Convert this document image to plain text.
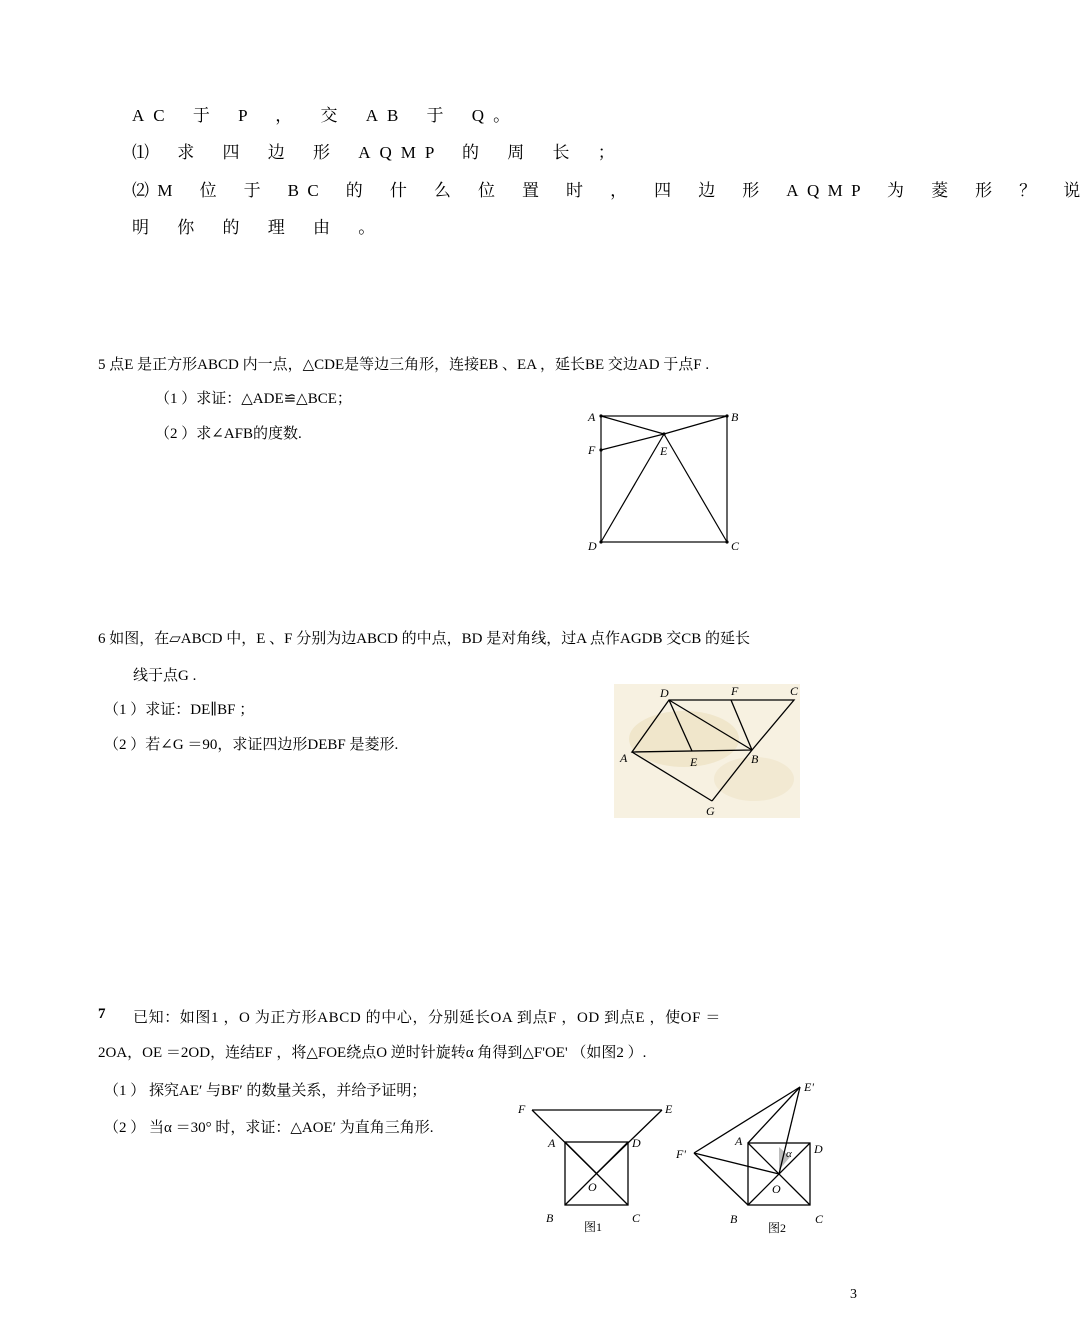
AC 于 P ， 交 AB 于 Q。
⑴ 求 四 边 形 AQMP 的 周 长 ；
⑵M 位 于 BC 的 什 么 位 置 时 ， 四 边 形 AQMP 为 菱 形 ？ 说
明 你 的 理 由 。
5 点E 是正方形ABCD 内一点，△CDE是等边三角形，连接EB 、EA ，延长BE 交边AD 于点F .
（1 ）求证：△ADE≌△BCE；
（2 ）求∠AFB的度数.
A	B
D	C
E
F
6 如图，在▱ABCD 中，E 、F 分别为边ABCD 的中点，BD 是对角线，过A 点作AGDB 交CB 的延长
线于点G .
（1 ）求证：DE∥BF ；
（2 ）若∠G ＝90，求证四边形DEBF 是菱形.
D	F	C
A	E	B
G
7 已知：如图1 ，O 为正方形ABCD 的中心，分别延长OA 到点F ，OD 到点E ，使OF ＝
2OA，OE ＝2OD，连结EF ，将△FOE绕点O 逆时针旋转α 角得到△F'OE' （如图2 ）.
（1 ） 探究AE′ 与BF′ 的数量关系，并给予证明；
（2 ） 当α ＝30° 时，求证：△AOE′ 为直角三角形.
F	E
A	D
O
B	C
图1
E'
F'
A
D
α
O
B	C
图2
3
